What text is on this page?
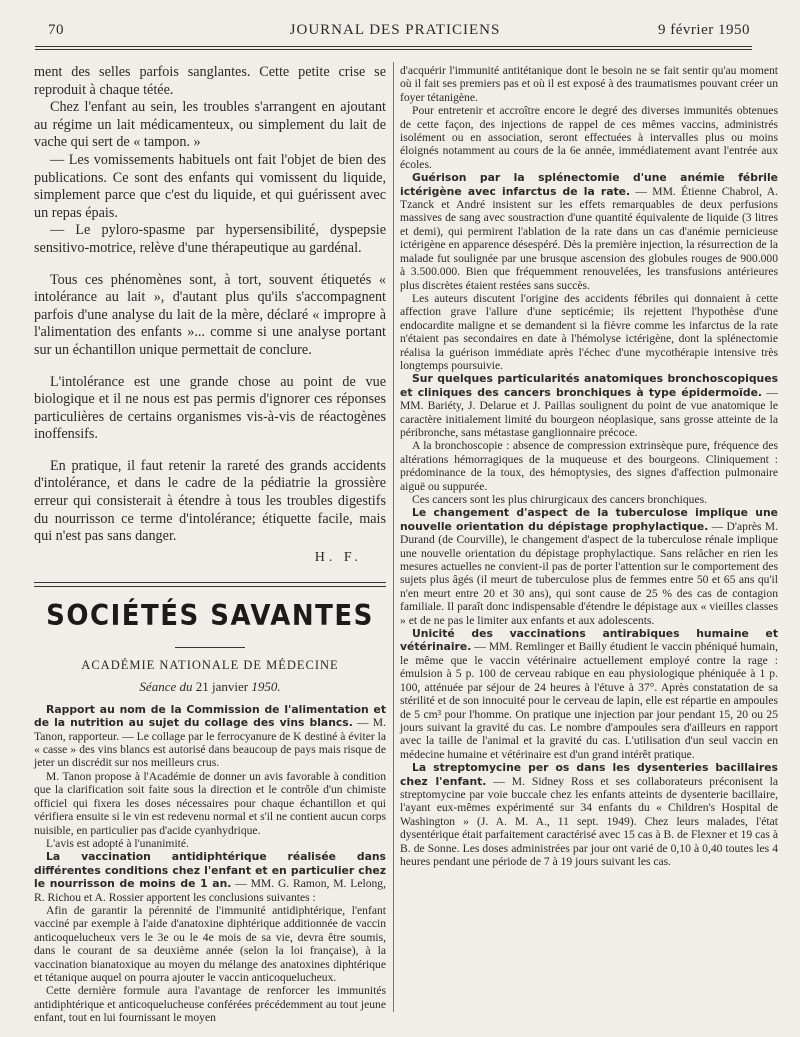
70	JOURNAL DES PRATICIENS	9 février 1950

ment des selles parfois sanglantes. Cette petite crise se reproduit à chaque tétée.

Chez l'enfant au sein, les troubles s'arrangent en ajoutant au régime un lait médicamenteux, ou simplement du lait de vache qui sert de « tampon. »

— Les vomissements habituels ont fait l'objet de bien des publications. Ce sont des enfants qui vomissent du liquide, simplement parce que c'est du liquide, et qui guérissent avec un repas épais.

— Le pyloro-spasme par hypersensibilité, dyspepsie sensitivo-motrice, relève d'une thérapeutique au gardénal.

Tous ces phénomènes sont, à tort, souvent étiquetés « intolérance au lait », d'autant plus qu'ils s'accompagnent parfois d'une analyse du lait de la mère, déclaré « impropre à l'alimentation des enfants »... comme si une analyse portant sur un échantillon unique permettait de conclure.

L'intolérance est une grande chose au point de vue biologique et il ne nous est pas permis d'ignorer ces réponses particulières de certains organismes vis-à-vis de réactogènes inoffensifs.

En pratique, il faut retenir la rareté des grands accidents d'intolérance, et dans le cadre de la pédiatrie la grossière erreur qui consisterait à étendre à tous les troubles digestifs du nourrisson ce terme d'intolérance; étiquette facile, mais qui n'est pas sans danger.

H. F.
SOCIÉTÉS SAVANTES
ACADÉMIE NATIONALE DE MÉDECINE
Séance du 21 janvier 1950.

Rapport au nom de la Commission de l'alimentation et de la nutrition au sujet du collage des vins blancs. — M. Tanon, rapporteur. — Le collage par le ferrocyanure de K destiné à éviter la « casse » des vins blancs est autorisé dans beaucoup de pays mais risque de jeter un discrédit sur nos meilleurs crus.

M. Tanon propose à l'Académie de donner un avis favorable à condition que la clarification soit faite sous la direction et le contrôle d'un chimiste officiel qui fixera les doses nécessaires pour chaque échantillon et qui vérifiera ensuite si le vin est redevenu normal et s'il ne contient aucun corps nuisible, en particulier pas d'acide cyanhydrique.

L'avis est adopté à l'unanimité.

La vaccination antidiphtérique réalisée dans différentes conditions chez l'enfant et en particulier chez le nourrisson de moins de 1 an. — MM. G. Ramon, M. Lelong, R. Richou et A. Rossier apportent les conclusions suivantes :

Afin de garantir la pérennité de l'immunité antidiphtérique, l'enfant vacciné par exemple à l'aide d'anatoxine diphtérique additionnée de vaccin anticoquelucheux vers le 3e ou le 4e mois de sa vie, devra être soumis, dans le courant de sa deuxième année (selon la loi française), à la vaccination bianatoxique au moyen du mélange des anatoxines diphtérique et tétanique auquel on pourra ajouter le vaccin anticoquelucheux.

Cette dernière formule aura l'avantage de renforcer les immunités antidiphtérique et anticoquelucheuse conférées précédemment au tout jeune enfant, tout en lui fournissant le moyen

d'acquérir l'immunité antitétanique dont le besoin ne se fait sentir qu'au moment où il fait ses premiers pas et où il est exposé à des traumatismes pouvant créer un foyer tétanigène.

Pour entretenir et accroître encore le degré des diverses immunités obtenues de cette façon, des injections de rappel de ces mêmes vaccins, administrés isolément ou en association, seront effectuées à intervalles plus ou moins éloignés notamment au cours de la 6e année, immédiatement avant l'entrée aux écoles.

Guérison par la splénectomie d'une anémie fébrile ictérigène avec infarctus de la rate. — MM. Étienne Chabrol, A. Tzanck et André insistent sur les effets remarquables de deux perfusions massives de sang avec soustraction d'une quantité équivalente de liquide (3 litres et demi), qui permirent l'ablation de la rate dans un cas d'anémie pernicieuse ictérigène en apparence désespéré. Dès la première injection, la résurrection de la malade fut soulignée par une brusque ascension des globules rouges de 900.000 à 3.500.000. Bien que fréquemment renouvelées, les transfusions antérieures plus discrètes étaient restées sans succès.

Les auteurs discutent l'origine des accidents fébriles qui donnaient à cette affection grave l'allure d'une septicémie; ils rejettent l'hypothèse d'une endocardite maligne et se demandent si la fièvre comme les infarctus de la rate n'étaient pas secondaires en date à l'hémolyse ictérigène, dont la splénectomie réalisa la guérison immédiate après l'échec d'une mycothérapie intensive très longtemps poursuivie.

Sur quelques particularités anatomiques bronchoscopiques et cliniques des cancers bronchiques à type épidermoïde. — MM. Bariéty, J. Delarue et J. Paillas soulignent du point de vue anatomique le caractère initialement limité du bourgeon néoplasique, sans grosse atteinte de la péribronche, sans métastase ganglionnaire précoce.

A la bronchoscopie : absence de compression extrinsèque pure, fréquence des altérations hémorragiques de la muqueuse et des bourgeons. Cliniquement : prédominance de la toux, des hémoptysies, des signes d'affection pulmonaire aiguë ou suppurée.

Ces cancers sont les plus chirurgicaux des cancers bronchiques.

Le changement d'aspect de la tuberculose implique une nouvelle orientation du dépistage prophylactique. — D'après M. Durand (de Courville), le changement d'aspect de la tuberculose rénale implique une nouvelle orientation du dépistage prophylactique. Sans relâcher en rien les mesures actuelles ne convient-il pas de porter l'attention sur le comportement des sujets plus âgés (il meurt de tuberculose plus de femmes entre 50 et 65 ans qu'il n'en meurt entre 20 et 30 ans), qui sont cause de 25 % des cas de contagion familiale. Il paraît donc indispensable d'étendre le dépistage aux « vieilles classes » et de ne pas le limiter aux enfants et aux adolescents.

Unicité des vaccinations antirabiques humaine et vétérinaire. — MM. Remlinger et Bailly étudient le vaccin phéniqué humain, le même que le vaccin vétérinaire actuellement employé contre la rage : émulsion à 5 p. 100 de cerveau rabique en eau physiologique phéniquée à 1 p. 100, atténuée par séjour de 24 heures à l'étuve à 37°. Après constatation de sa stérilité et de son innocuité pour le cerveau de lapin, elle est répartie en ampoules de 5 cm³ pour l'homme. On pratique une injection par jour pendant 15, 20 ou 25 jours suivant la gravité du cas. Le nombre d'ampoules sera d'ailleurs en rapport avec la taille de l'animal et la gravité du cas. L'utilisation d'un seul vaccin en médecine humaine et vétérinaire est d'un grand intérêt pratique.

La streptomycine per os dans les dysenteries bacillaires chez l'enfant. — M. Sidney Ross et ses collaborateurs préconisent la streptomycine par voie buccale chez les enfants atteints de dysenterie bacillaire, l'ayant eux-mêmes expérimenté sur 34 enfants du « Children's Hospital de Washington » (J. A. M. A., 11 sept. 1949). Chez leurs malades, l'état dysentérique était parfaitement caractérisé avec 15 cas à B. de Flexner et 19 cas à B. de Sonne. Les doses administrées par jour ont varié de 0,10 à 0,40 toutes les 4 heures pendant une période de 7 à 19 jours suivant les cas.
